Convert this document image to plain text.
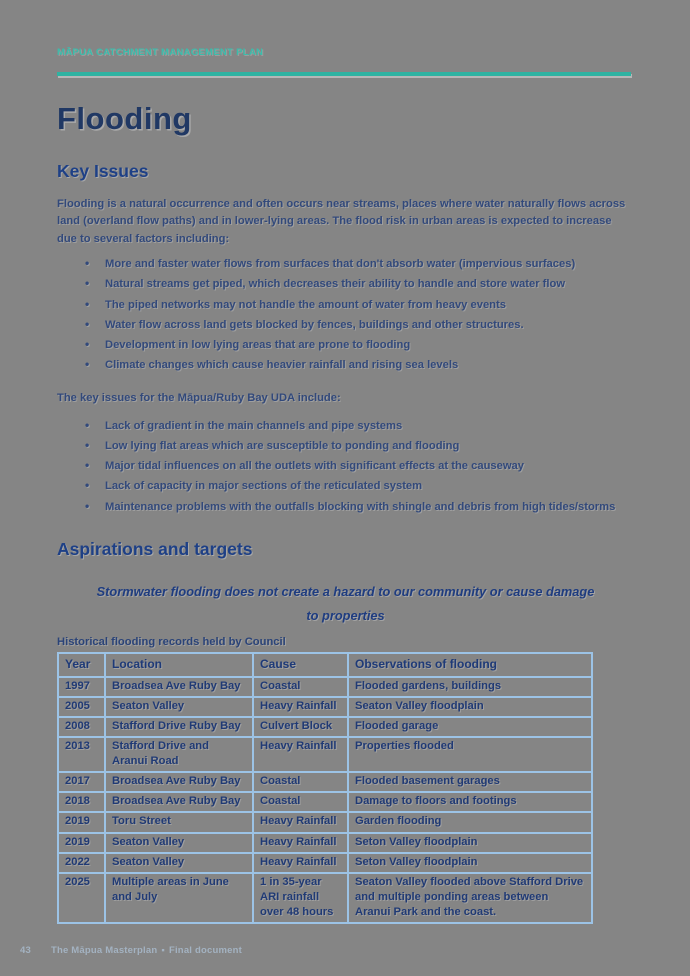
MĀPUA CATCHMENT MANAGEMENT PLAN
Flooding
Key Issues

Flooding is a natural occurrence and often occurs near streams, places where water naturally flows across land (overland flow paths) and in lower-lying areas. The flood risk in urban areas is expected to increase due to several factors including:

• More and faster water flows from surfaces that don't absorb water (impervious surfaces)
• Natural streams get piped, which decreases their ability to handle and store water flow
• The piped networks may not handle the amount of water from heavy events
• Water flow across land gets blocked by fences, buildings and other structures.
• Development in low lying areas that are prone to flooding
• Climate changes which cause heavier rainfall and rising sea levels

The key issues for the Māpua/Ruby Bay UDA include:

• Lack of gradient in the main channels and pipe systems
• Low lying flat areas which are susceptible to ponding and flooding
• Major tidal influences on all the outlets with significant effects at the causeway
• Lack of capacity in major sections of the reticulated system
• Maintenance problems with the outfalls blocking with shingle and debris from high tides/storms
Aspirations and targets
Stormwater flooding does not create a hazard to our community or cause damage to properties
Historical flooding records held by Council
Year	Location	Cause	Observations of flooding
1997	Broadsea Ave Ruby Bay	Coastal	Flooded gardens, buildings
2005	Seaton Valley	Heavy Rainfall	Seaton Valley floodplain
2008	Stafford Drive Ruby Bay	Culvert Block	Flooded garage
2013	Stafford Drive and Aranui Road	Heavy Rainfall	Properties flooded
2017	Broadsea Ave Ruby Bay	Coastal	Flooded basement garages
2018	Broadsea Ave Ruby Bay	Coastal	Damage to floors and footings
2019	Toru Street	Heavy Rainfall	Garden flooding
2019	Seaton Valley	Heavy Rainfall	Seton Valley floodplain
2022	Seaton Valley	Heavy Rainfall	Seton Valley floodplain
2025	Multiple areas in June and July	1 in 35-year ARI rainfall over 48 hours	Seaton Valley flooded above Stafford Drive and multiple ponding areas between Aranui Park and the coast.
43 The Māpua Masterplan ▪ Final document
